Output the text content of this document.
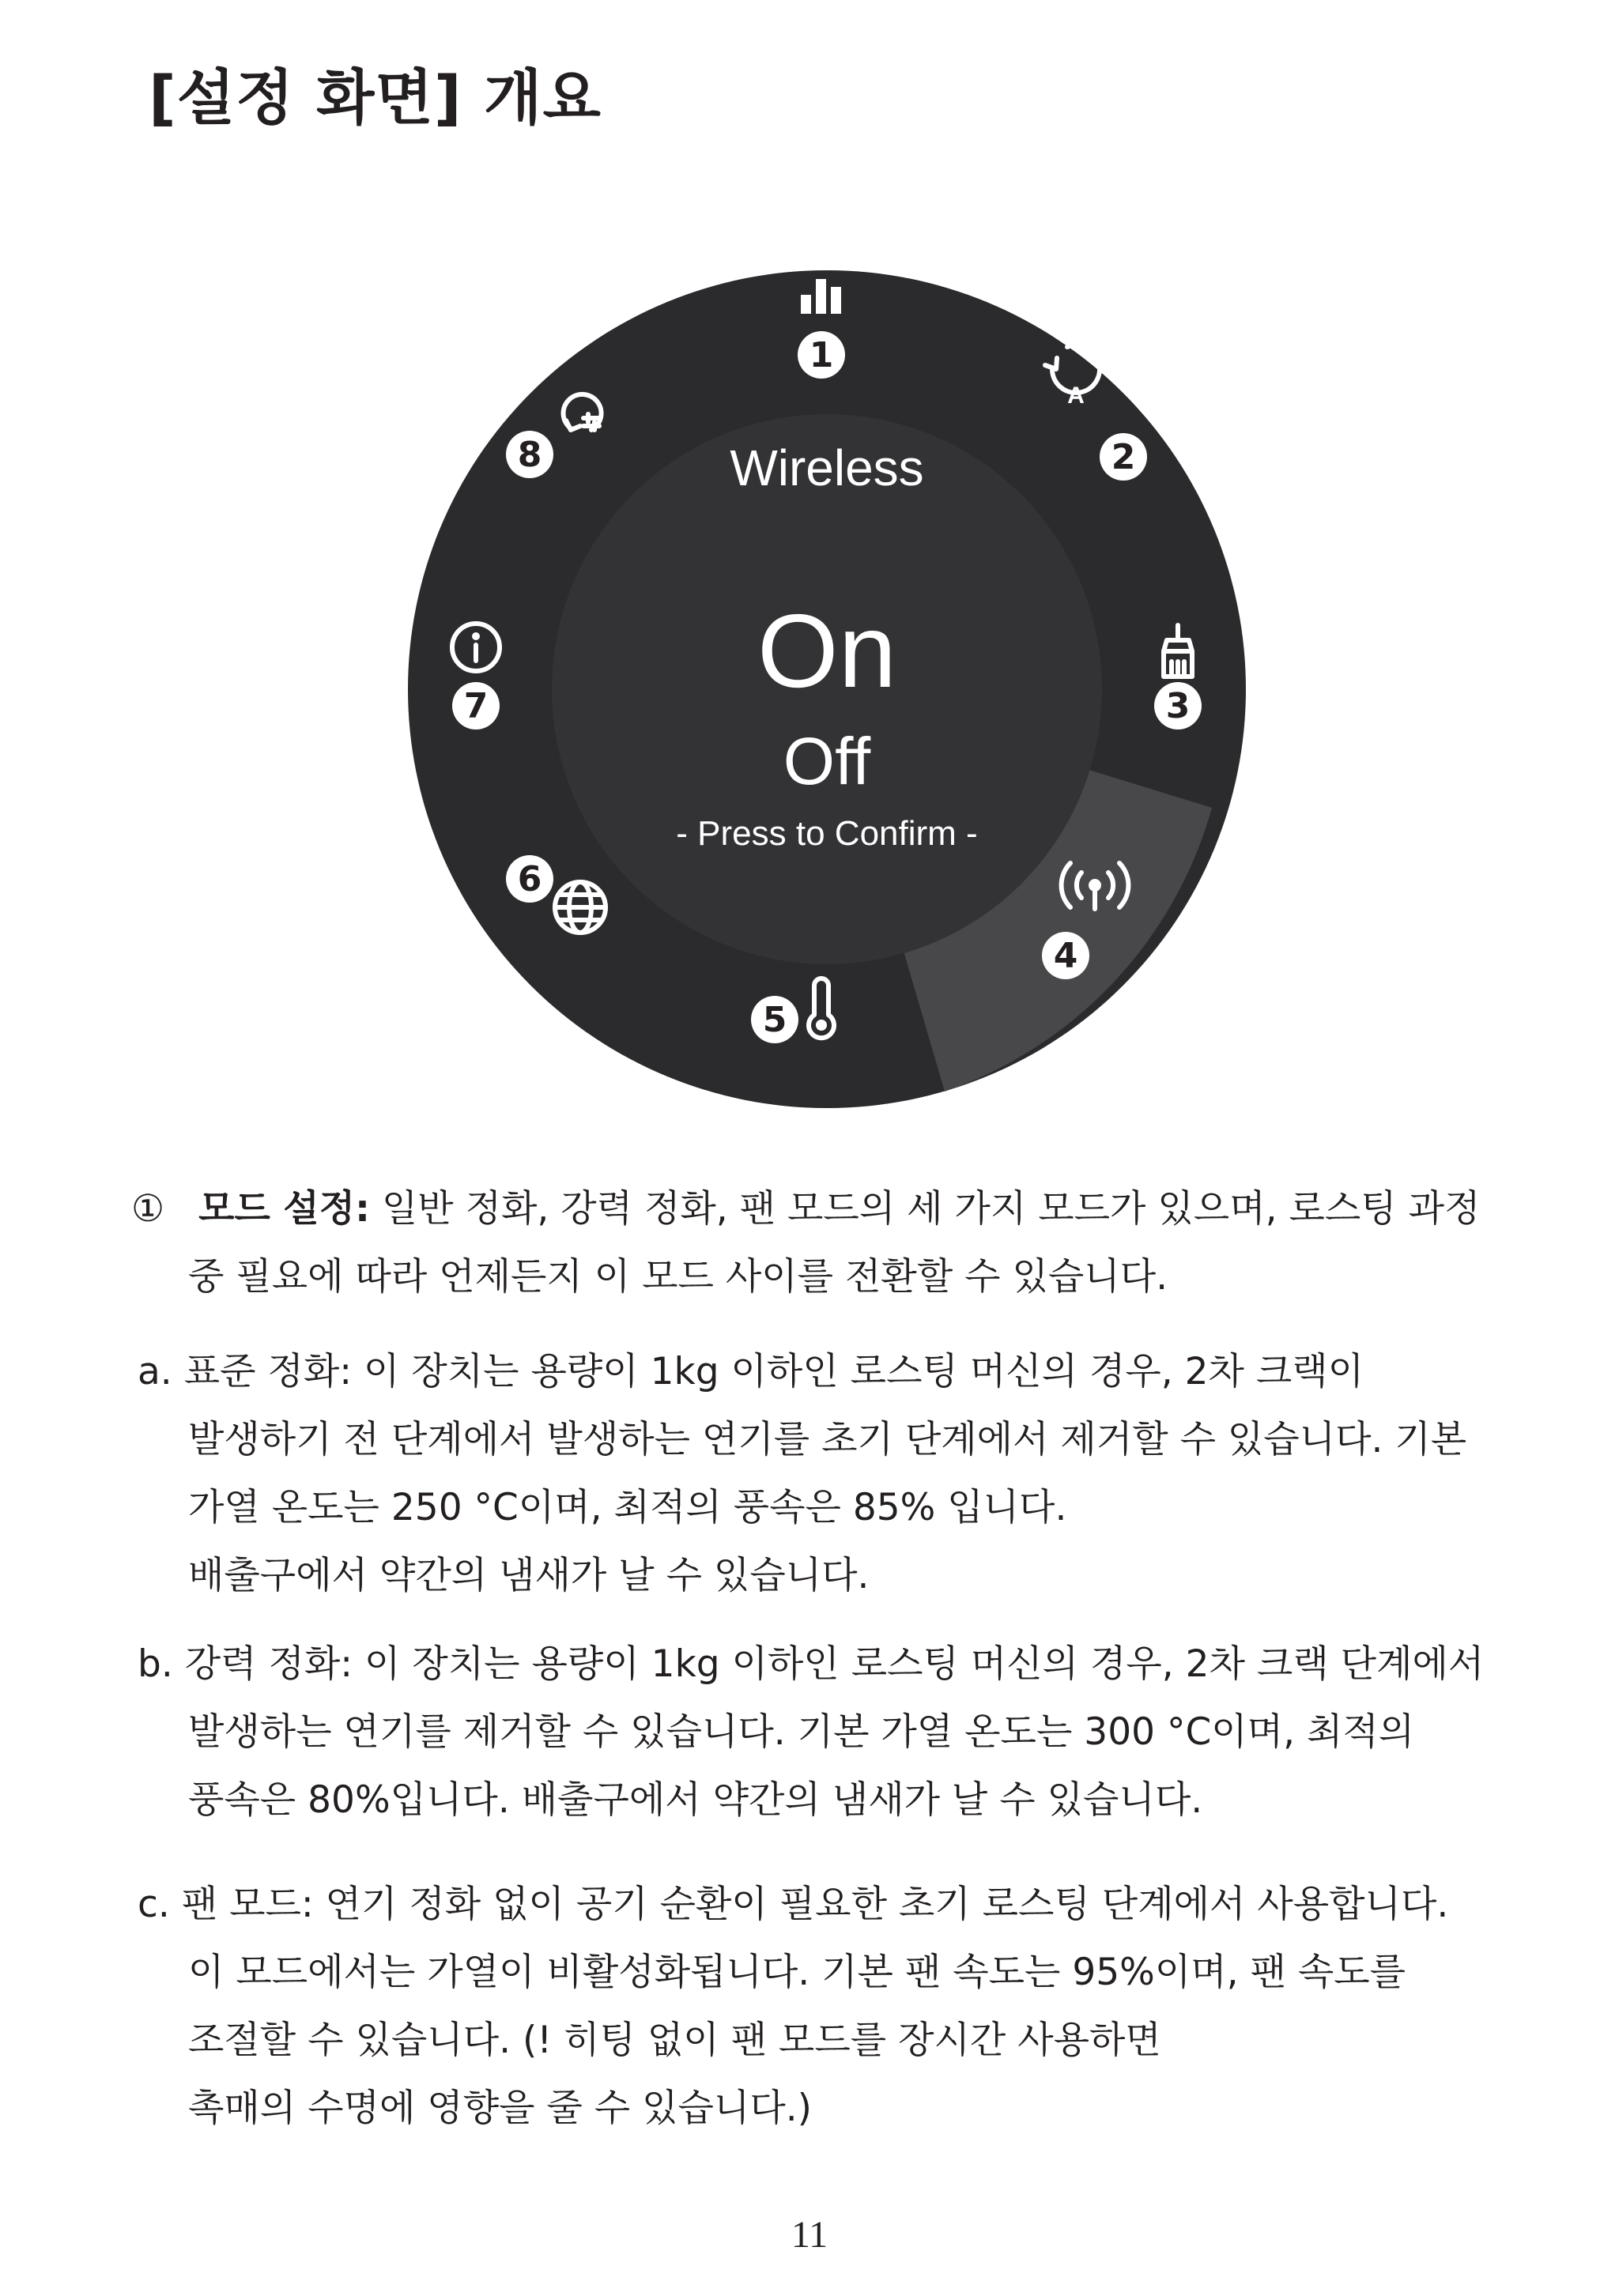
[설정 화면] 개요
Wireless
On
Off
- Press to Confirm -
1
A
2
3
4
5
6
7
8
① 모드 설정: 일반 정화, 강력 정화, 팬 모드의 세 가지 모드가 있으며, 로스팅 과정
중 필요에 따라 언제든지 이 모드 사이를 전환할 수 있습니다.
a. 표준 정화: 이 장치는 용량이 1kg 이하인 로스팅 머신의 경우, 2차 크랙이
발생하기 전 단계에서 발생하는 연기를 초기 단계에서 제거할 수 있습니다. 기본
가열 온도는 250 °C이며, 최적의 풍속은 85% 입니다.
배출구에서 약간의 냄새가 날 수 있습니다.
b. 강력 정화: 이 장치는 용량이 1kg 이하인 로스팅 머신의 경우, 2차 크랙 단계에서
발생하는 연기를 제거할 수 있습니다. 기본 가열 온도는 300 °C이며, 최적의
풍속은 80%입니다. 배출구에서 약간의 냄새가 날 수 있습니다.
c. 팬 모드: 연기 정화 없이 공기 순환이 필요한 초기 로스팅 단계에서 사용합니다.
이 모드에서는 가열이 비활성화됩니다. 기본 팬 속도는 95%이며, 팬 속도를
조절할 수 있습니다. (! 히팅 없이 팬 모드를 장시간 사용하면
촉매의 수명에 영향을 줄 수 있습니다.)
11
